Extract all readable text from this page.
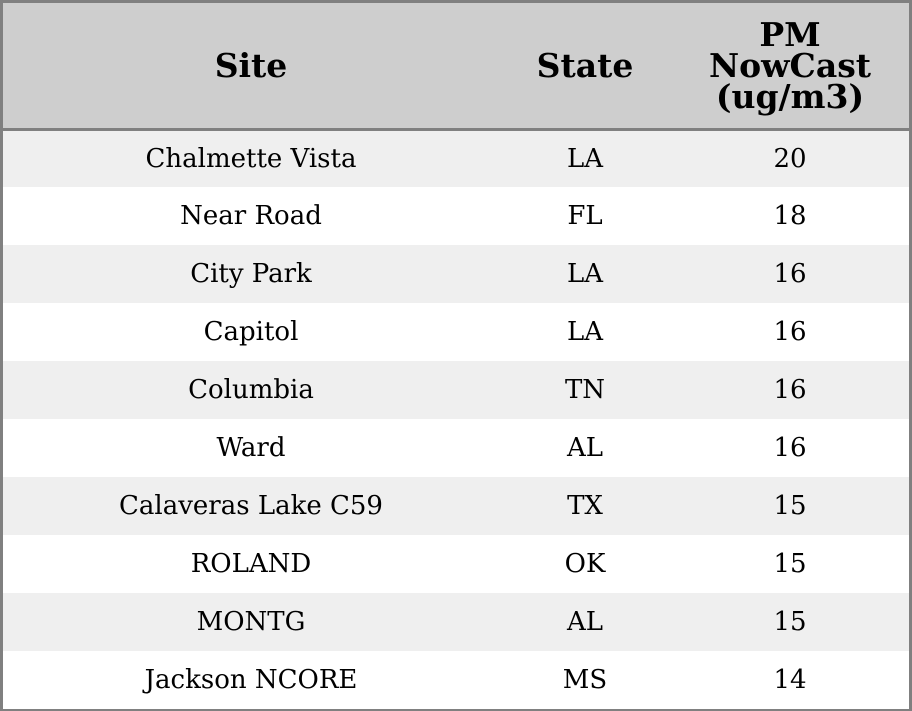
Site	State	PM NowCast (ug/m3)
Chalmette Vista	LA	20
Near Road	FL	18
City Park	LA	16
Capitol	LA	16
Columbia	TN	16
Ward	AL	16
Calaveras Lake C59	TX	15
ROLAND	OK	15
MONTG	AL	15
Jackson NCORE	MS	14
